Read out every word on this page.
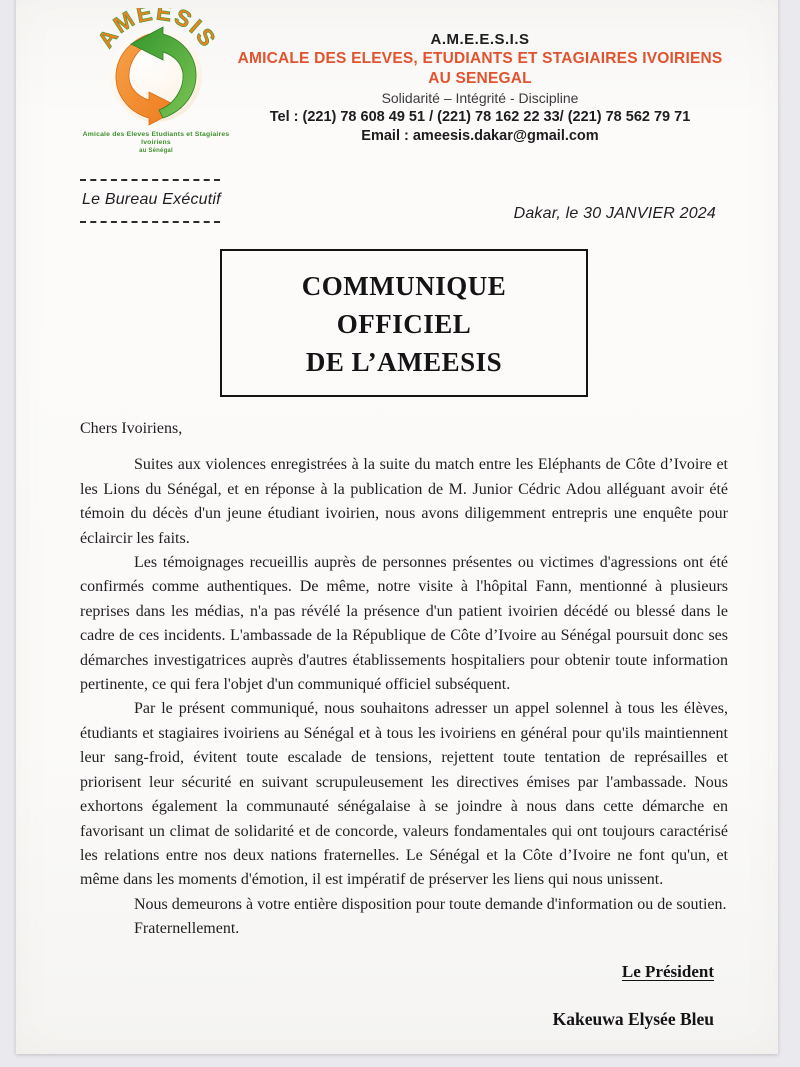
AMEESIS
Amicale des Eleves Etudiants et Stagiaires Ivoiriens
au Sénégal
A.M.E.E.S.I.S
AMICALE DES ELEVES, ETUDIANTS ET STAGIAIRES IVOIRIENS AU SENEGAL
Solidarité – Intégrité - Discipline
Tel : (221) 78 608 49 51 / (221) 78 162 22 33/ (221) 78 562 79 71
Email : ameesis.dakar@gmail.com
Le Bureau Exécutif
Dakar, le 30 JANVIER 2024
COMMUNIQUE
OFFICIEL
DE L’AMEESIS
Chers Ivoiriens,

Suites aux violences enregistrées à la suite du match entre les Eléphants de Côte d’Ivoire et les Lions du Sénégal, et en réponse à la publication de M. Junior Cédric Adou alléguant avoir été témoin du décès d'un jeune étudiant ivoirien, nous avons diligemment entrepris une enquête pour éclaircir les faits.

Les témoignages recueillis auprès de personnes présentes ou victimes d'agressions ont été confirmés comme authentiques. De même, notre visite à l'hôpital Fann, mentionné à plusieurs reprises dans les médias, n'a pas révélé la présence d'un patient ivoirien décédé ou blessé dans le cadre de ces incidents. L'ambassade de la République de Côte d’Ivoire au Sénégal poursuit donc ses démarches investigatrices auprès d'autres établissements hospitaliers pour obtenir toute information pertinente, ce qui fera l'objet d'un communiqué officiel subséquent.

Par le présent communiqué, nous souhaitons adresser un appel solennel à tous les élèves, étudiants et stagiaires ivoiriens au Sénégal et à tous les ivoiriens en général pour qu'ils maintiennent leur sang-froid, évitent toute escalade de tensions, rejettent toute tentation de représailles et priorisent leur sécurité en suivant scrupuleusement les directives émises par l'ambassade. Nous exhortons également la communauté sénégalaise à se joindre à nous dans cette démarche en favorisant un climat de solidarité et de concorde, valeurs fondamentales qui ont toujours caractérisé les relations entre nos deux nations fraternelles. Le Sénégal et la Côte d’Ivoire ne font qu'un, et même dans les moments d'émotion, il est impératif de préserver les liens qui nous unissent.

Nous demeurons à votre entière disposition pour toute demande d'information ou de soutien.

Fraternellement.

Le Président
Kakeuwa Elysée Bleu
